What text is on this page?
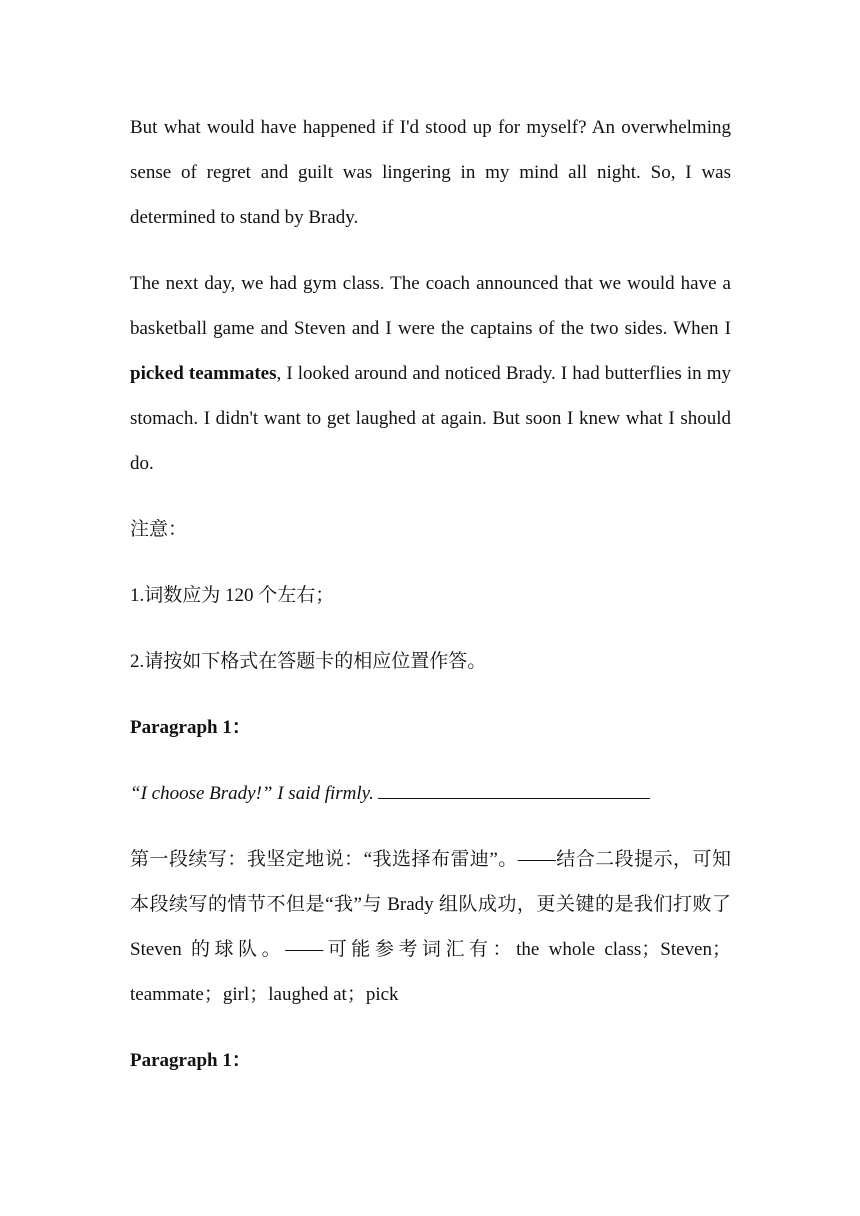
But what would have happened if I'd stood up for myself? An overwhelming sense of regret and guilt was lingering in my mind all night. So, I was determined to stand by Brady.

The next day, we had gym class. The coach announced that we would have a basketball game and Steven and I were the captains of the two sides. When I picked teammates, I looked around and noticed Brady. I had butterflies in my stomach. I didn't want to get laughed at again. But soon I knew what I should do.

注意：

1.词数应为 120 个左右；

2.请按如下格式在答题卡的相应位置作答。

Paragraph 1：

“I choose Brady!” I said firmly.

第一段续写：我坚定地说：“我选择布雷迪”。——结合二段提示，可知本段续写的情节不但是“我”与 Brady 组队成功，更关键的是我们打败了 Steven 的球队。——可能参考词汇有：the whole class；Steven；teammate；girl；laughed at；pick

Paragraph 1：
